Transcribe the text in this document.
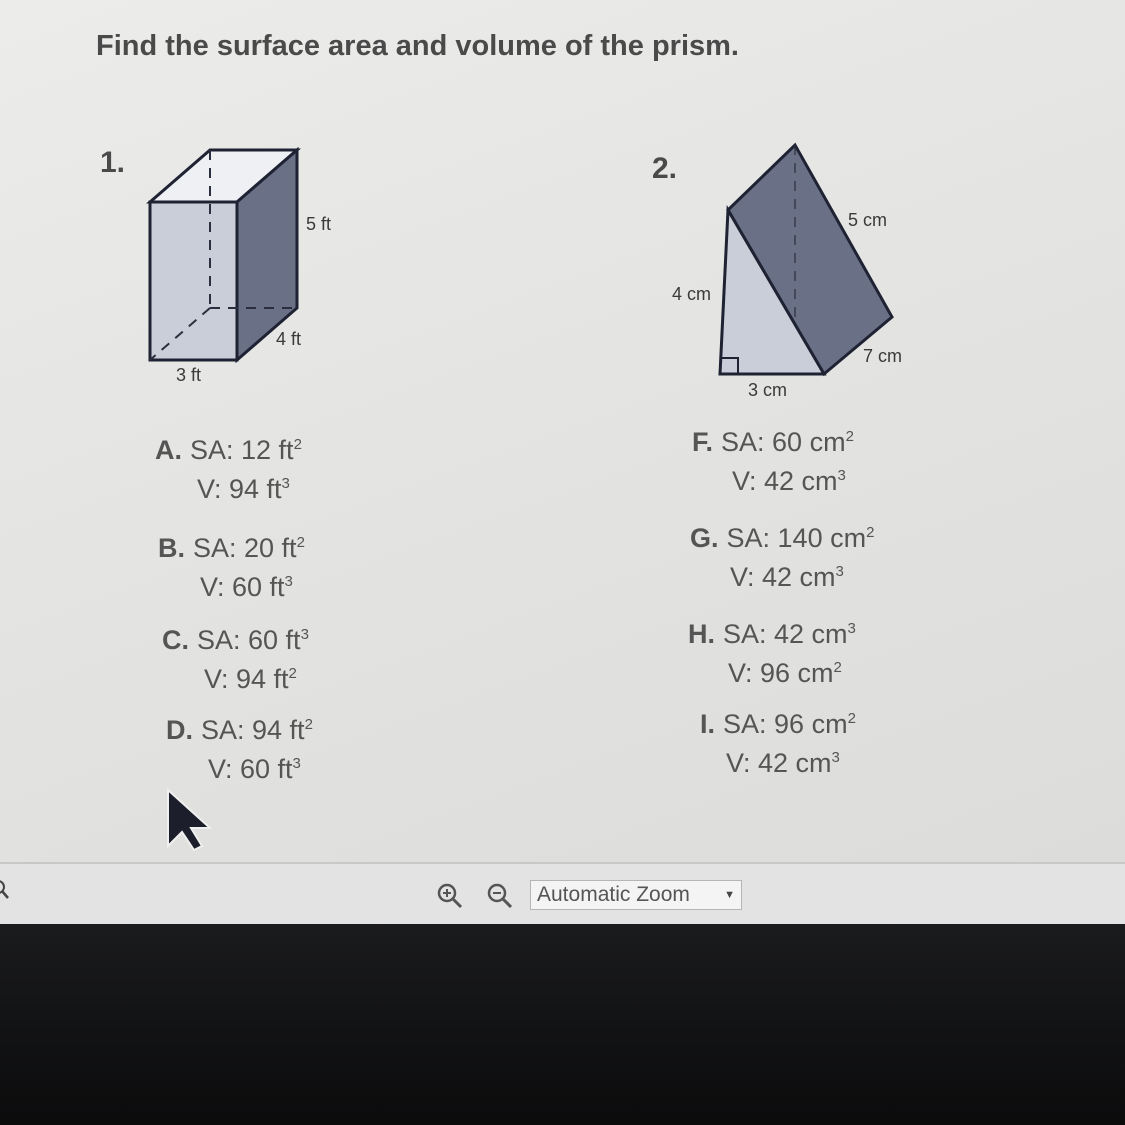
Find the surface area and volume of the prism.
1.
5 ft
4 ft
3 ft
2.
5 cm
4 cm
7 cm
3 cm
A. SA: 12 $ft^2$
V: 94 $ft^3$
B. SA: 20 $ft^2$
V: 60 $ft^3$
C. SA: 60 $ft^3$
V: 94 $ft^2$
D. SA: 94 $ft^2$
V: 60 $ft^3$
F. SA: 60 $cm^2$
V: 42 $cm^3$
G. SA: 140 $cm^2$
V: 42 $cm^3$
H. SA: 42 $cm^3$
V: 96 $cm^2$
I. SA: 96 $cm^2$
V: 42 $cm^3$
Automatic Zoom	▼
